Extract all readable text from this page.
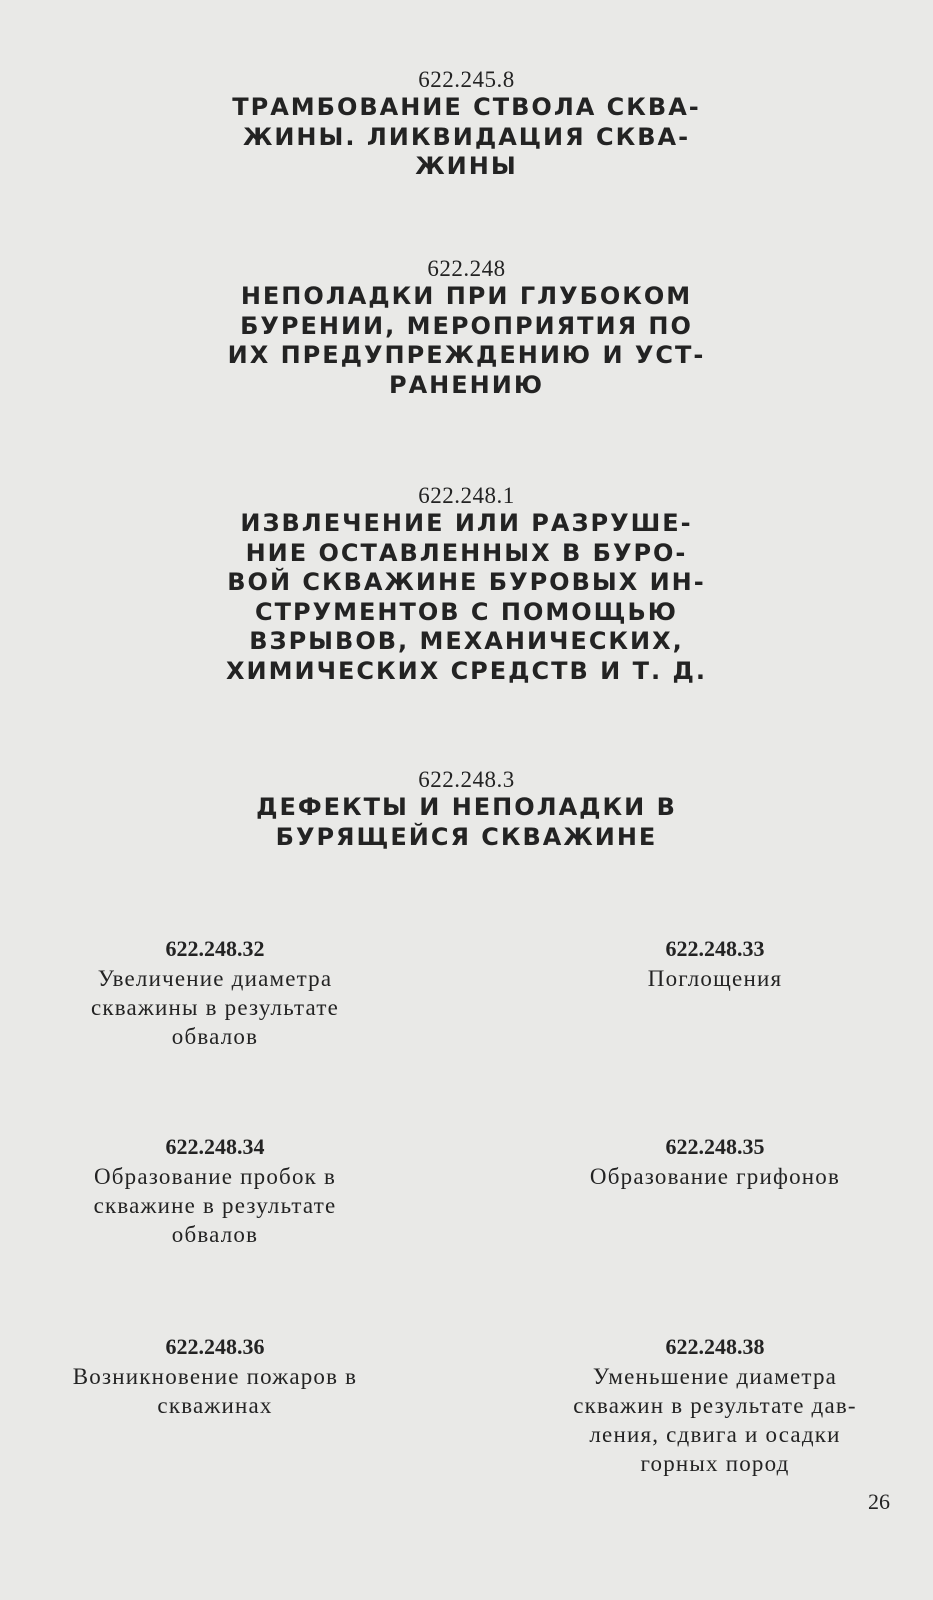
622.245.8
ТРАМБОВАНИЕ СТВОЛА СКВА-
ЖИНЫ. ЛИКВИДАЦИЯ СКВА-
ЖИНЫ
622.248
НЕПОЛАДКИ ПРИ ГЛУБОКОМ
БУРЕНИИ, МЕРОПРИЯТИЯ ПО
ИХ ПРЕДУПРЕЖДЕНИЮ И УСТ-
РАНЕНИЮ
622.248.1
ИЗВЛЕЧЕНИЕ ИЛИ РАЗРУШЕ-
НИЕ ОСТАВЛЕННЫХ В БУРО-
ВОЙ СКВАЖИНЕ БУРОВЫХ ИН-
СТРУМЕНТОВ С ПОМОЩЬЮ
ВЗРЫВОВ, МЕХАНИЧЕСКИХ,
ХИМИЧЕСКИХ СРЕДСТВ И Т. Д.
622.248.3
ДЕФЕКТЫ И НЕПОЛАДКИ В
БУРЯЩЕЙСЯ СКВАЖИНЕ
622.248.32
Увеличение диаметра
скважины в результате
обвалов
622.248.33
Поглощения
622.248.34
Образование пробок в
скважине в результате
обвалов
622.248.35
Образование грифонов
622.248.36
Возникновение пожаров в
скважинах
622.248.38
Уменьшение диаметра
скважин в результате дав-
ления, сдвига и осадки
горных пород
26
